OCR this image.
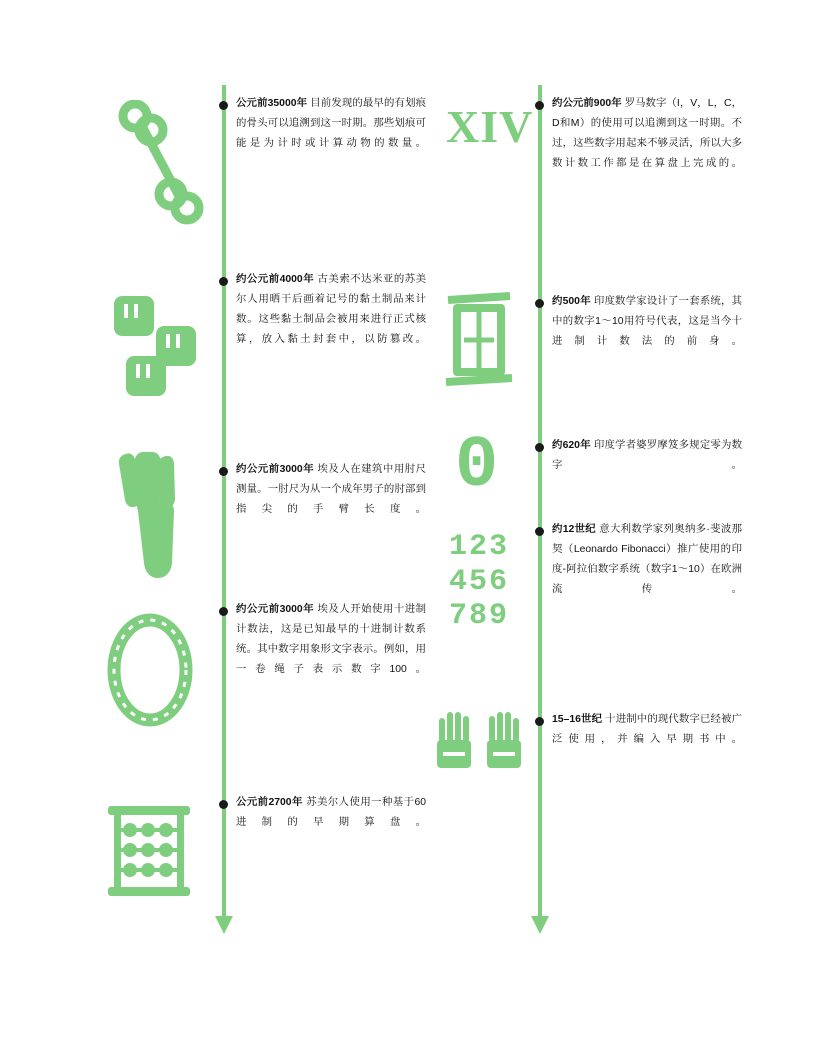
XIV
0
123
456
789
公元前35000年 目前发现的最早的有划痕的骨头可以追溯到这一时期。那些划痕可能是为计时或计算动物的数量。
约公元前4000年 古美索不达米亚的苏美尔人用晒干后画着记号的黏土制品来计数。这些黏土制品会被用来进行正式核算，放入黏土封套中，以防篡改。
约公元前3000年 埃及人在建筑中用肘尺测量。一肘尺为从一个成年男子的肘部到指尖的手臂长度。
约公元前3000年 埃及人开始使用十进制计数法，这是已知最早的十进制计数系统。其中数字用象形文字表示。例如，用一卷绳子表示数字100。
公元前2700年 苏美尔人使用一种基于60进制的早期算盘。
约公元前900年 罗马数字（I，V，L，C，D和M）的使用可以追溯到这一时期。不过，这些数字用起来不够灵活，所以大多数计数工作都是在算盘上完成的。
约500年 印度数学家设计了一套系统，其中的数字1～10用符号代表，这是当今十进制计数法的前身。
约620年 印度学者婆罗摩笈多规定零为数字。
约12世纪 意大利数学家列奥纳多·斐波那契（Leonardo Fibonacci）推广使用的印度-阿拉伯数字系统（数字1～10）在欧洲流传。
15–16世纪 十进制中的现代数字已经被广泛使用，并编入早期书中。
